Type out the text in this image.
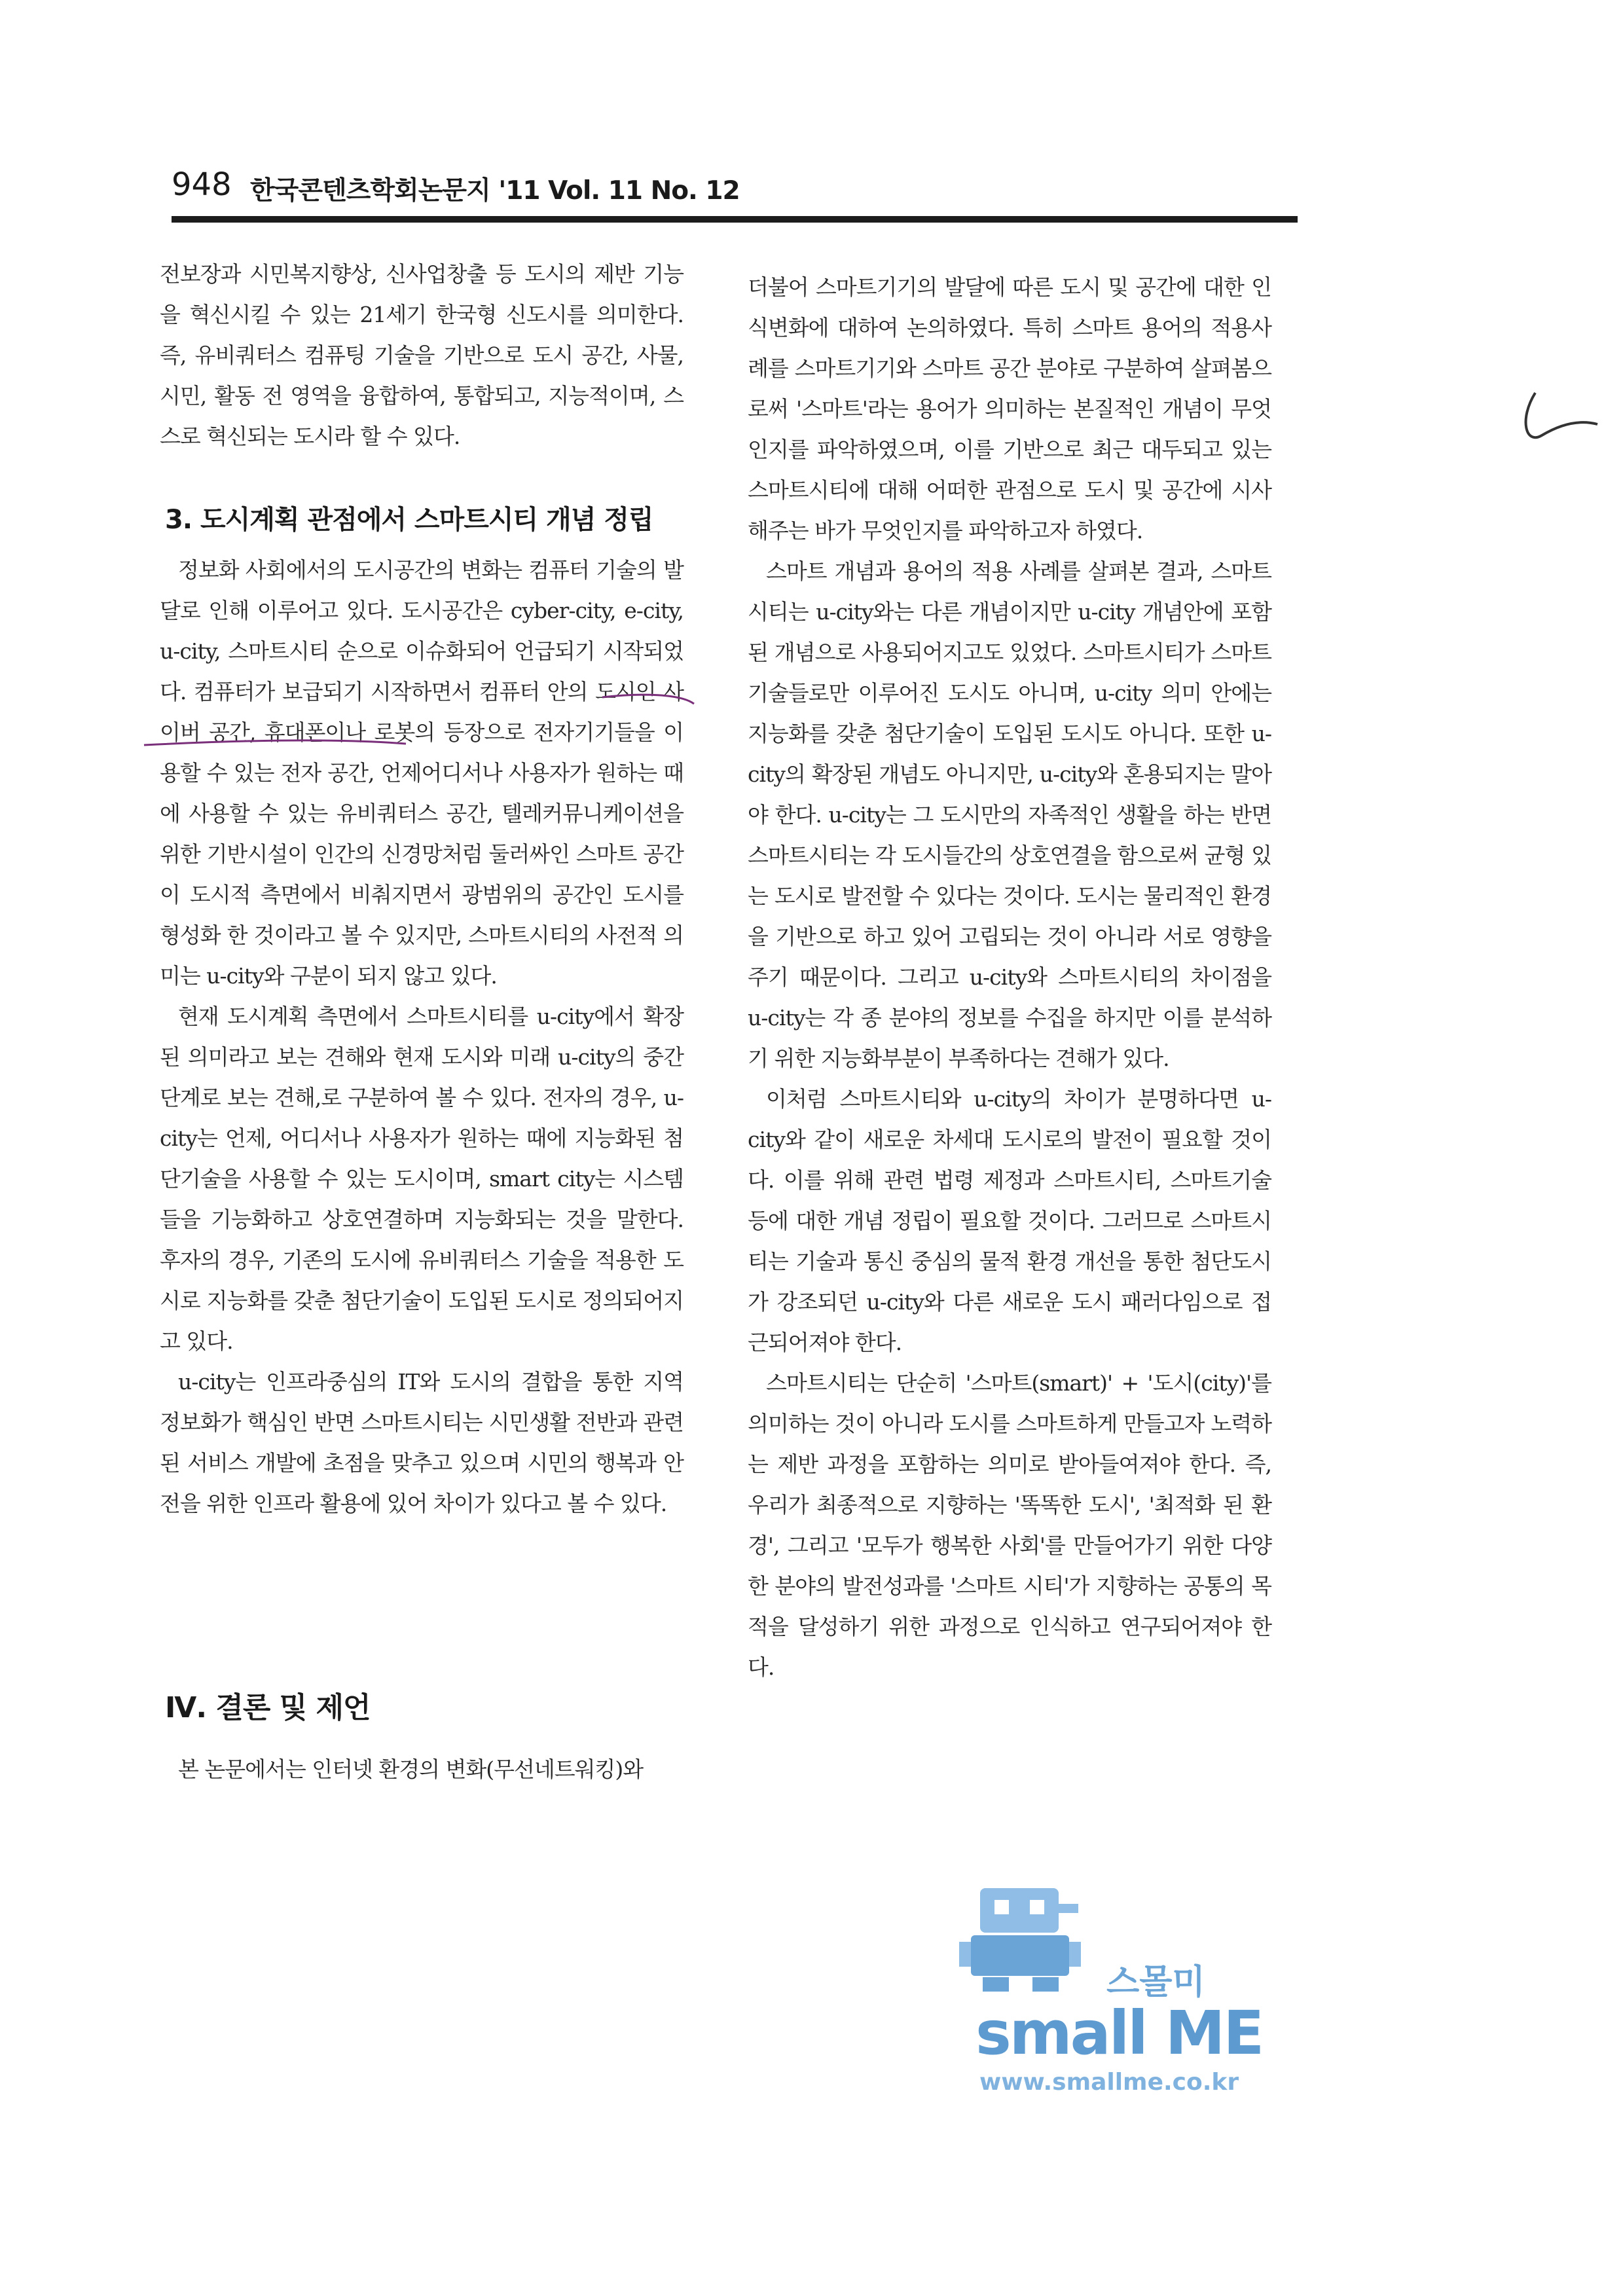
948 한국콘텐츠학회논문지 '11 Vol. 11 No. 12

전보장과 시민복지향상, 신사업창출 등 도시의 제반 기능을 혁신시킬 수 있는 21세기 한국형 신도시를 의미한다. 즉, 유비쿼터스 컴퓨팅 기술을 기반으로 도시 공간, 사물, 시민, 활동 전 영역을 융합하여, 통합되고, 지능적이며, 스스로 혁신되는 도시라 할 수 있다.

3. 도시계획 관점에서 스마트시티 개념 정립

정보화 사회에서의 도시공간의 변화는 컴퓨터 기술의 발달로 인해 이루어고 있다. 도시공간은 cyber-city, e-city, u-city, 스마트시티 순으로 이슈화되어 언급되기 시작되었다. 컴퓨터가 보급되기 시작하면서 컴퓨터 안의 도시인 사이버 공간, 휴대폰이나 로봇의 등장으로 전자기기들을 이용할 수 있는 전자 공간, 언제어디서나 사용자가 원하는 때에 사용할 수 있는 유비쿼터스 공간, 텔레커뮤니케이션을 위한 기반시설이 인간의 신경망처럼 둘러싸인 스마트 공간이 도시적 측면에서 비춰지면서 광범위의 공간인 도시를 형성화 한 것이라고 볼 수 있지만, 스마트시티의 사전적 의미는 u-city와 구분이 되지 않고 있다.

현재 도시계획 측면에서 스마트시티를 u-city에서 확장된 의미라고 보는 견해와 현재 도시와 미래 u-city의 중간단계로 보는 견해,로 구분하여 볼 수 있다. 전자의 경우, u-city는 언제, 어디서나 사용자가 원하는 때에 지능화된 첨단기술을 사용할 수 있는 도시이며, smart city는 시스템들을 기능화하고 상호연결하며 지능화되는 것을 말한다. 후자의 경우, 기존의 도시에 유비쿼터스 기술을 적용한 도시로 지능화를 갖춘 첨단기술이 도입된 도시로 정의되어지고 있다.

u-city는 인프라중심의 IT와 도시의 결합을 통한 지역 정보화가 핵심인 반면 스마트시티는 시민생활 전반과 관련된 서비스 개발에 초점을 맞추고 있으며 시민의 행복과 안전을 위한 인프라 활용에 있어 차이가 있다고 볼 수 있다.

Ⅳ. 결론 및 제언

본 논문에서는 인터넷 환경의 변화(무선네트워킹)와

더불어 스마트기기의 발달에 따른 도시 및 공간에 대한 인식변화에 대하여 논의하였다. 특히 스마트 용어의 적용사례를 스마트기기와 스마트 공간 분야로 구분하여 살펴봄으로써 '스마트'라는 용어가 의미하는 본질적인 개념이 무엇인지를 파악하였으며, 이를 기반으로 최근 대두되고 있는 스마트시티에 대해 어떠한 관점으로 도시 및 공간에 시사해주는 바가 무엇인지를 파악하고자 하였다.

스마트 개념과 용어의 적용 사례를 살펴본 결과, 스마트시티는 u-city와는 다른 개념이지만 u-city 개념안에 포함된 개념으로 사용되어지고도 있었다. 스마트시티가 스마트기술들로만 이루어진 도시도 아니며, u-city 의미 안에는 지능화를 갖춘 첨단기술이 도입된 도시도 아니다. 또한 u-city의 확장된 개념도 아니지만, u-city와 혼용되지는 말아야 한다. u-city는 그 도시만의 자족적인 생활을 하는 반면 스마트시티는 각 도시들간의 상호연결을 함으로써 균형 있는 도시로 발전할 수 있다는 것이다. 도시는 물리적인 환경을 기반으로 하고 있어 고립되는 것이 아니라 서로 영향을 주기 때문이다. 그리고 u-city와 스마트시티의 차이점을 u-city는 각 종 분야의 정보를 수집을 하지만 이를 분석하기 위한 지능화부분이 부족하다는 견해가 있다.

이처럼 스마트시티와 u-city의 차이가 분명하다면 u-city와 같이 새로운 차세대 도시로의 발전이 필요할 것이다. 이를 위해 관련 법령 제정과 스마트시티, 스마트기술 등에 대한 개념 정립이 필요할 것이다. 그러므로 스마트시티는 기술과 통신 중심의 물적 환경 개선을 통한 첨단도시가 강조되던 u-city와 다른 새로운 도시 패러다임으로 접근되어져야 한다.

스마트시티는 단순히 '스마트(smart)' + '도시(city)'를 의미하는 것이 아니라 도시를 스마트하게 만들고자 노력하는 제반 과정을 포함하는 의미로 받아들여져야 한다. 즉, 우리가 최종적으로 지향하는 '똑똑한 도시', '최적화 된 환경', 그리고 '모두가 행복한 사회'를 만들어가기 위한 다양한 분야의 발전성과를 '스마트 시티'가 지향하는 공통의 목적을 달성하기 위한 과정으로 인식하고 연구되어져야 한다.

스몰미
small ME
www.smallme.co.kr
